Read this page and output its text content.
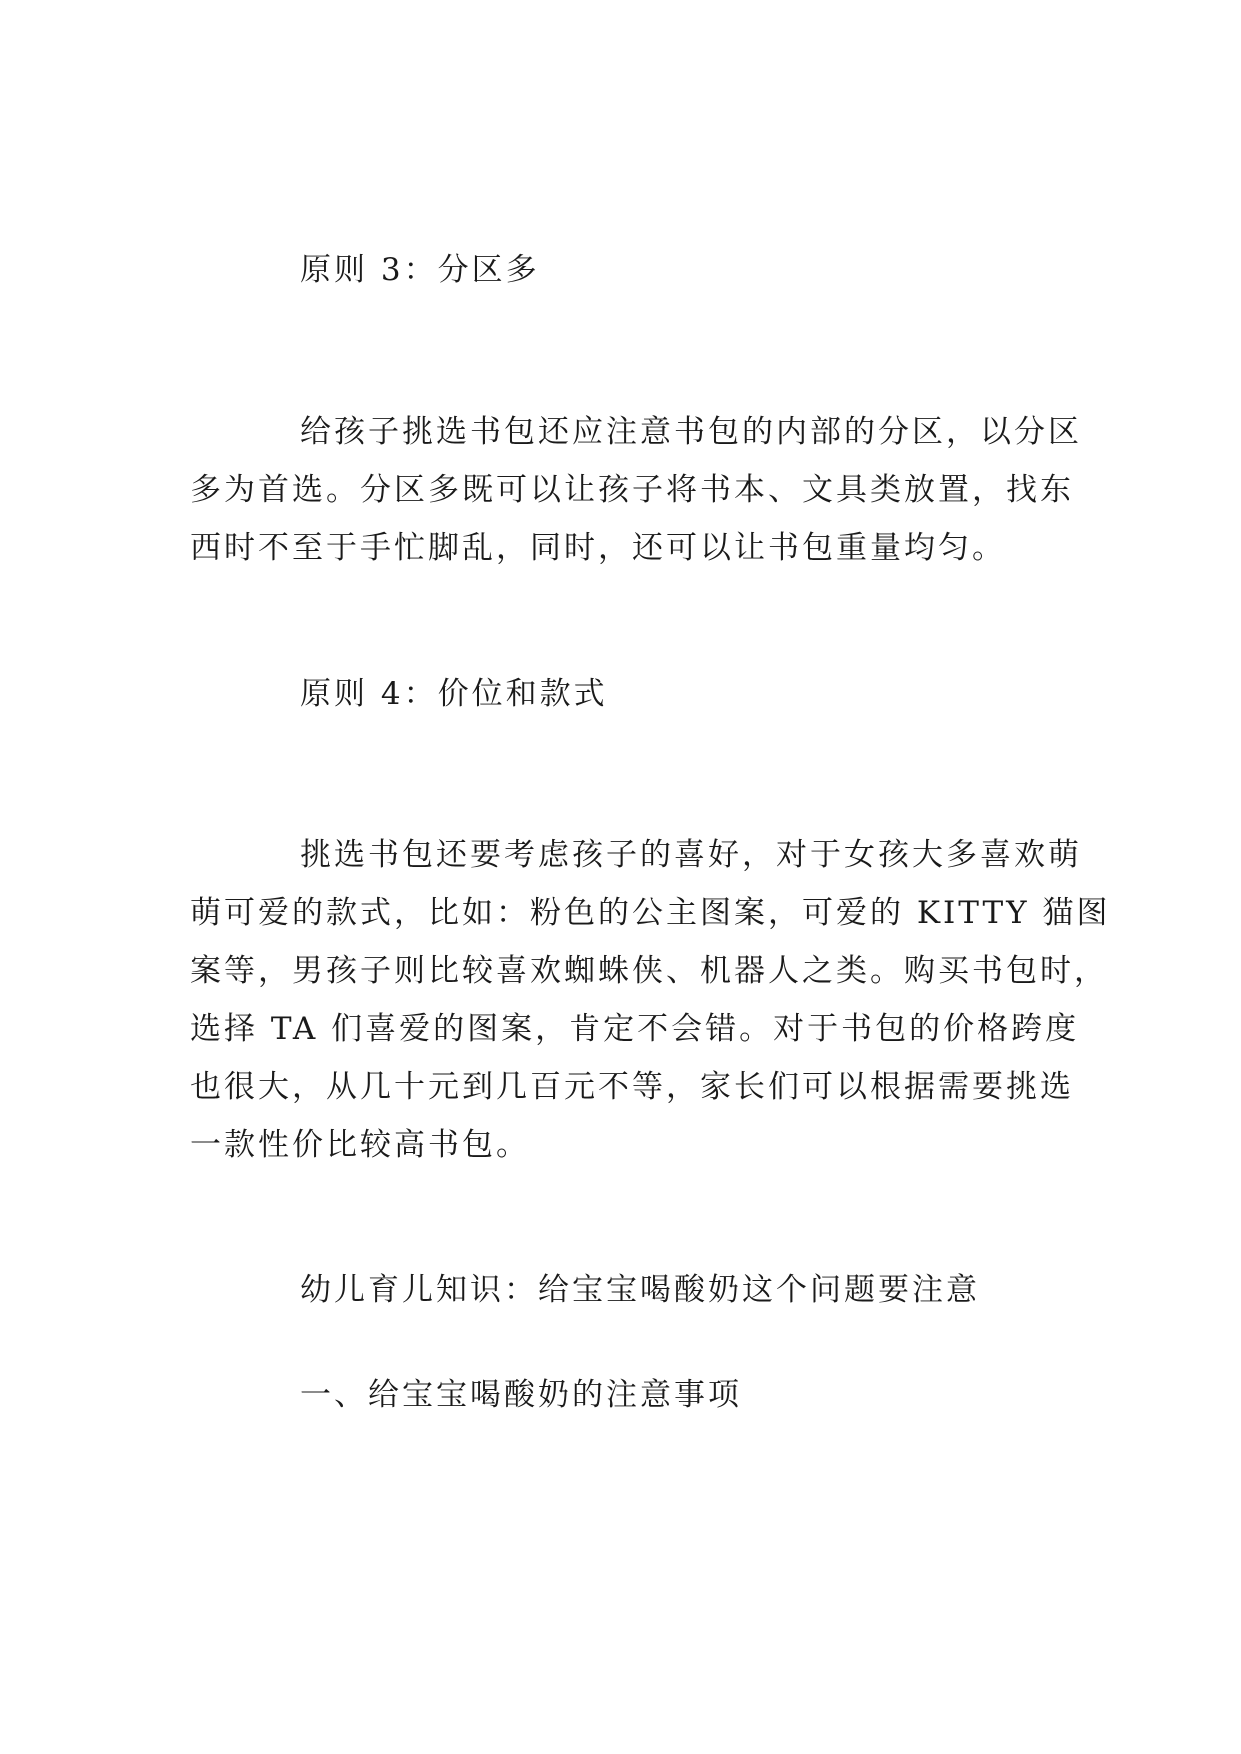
原则 3：分区多
给孩子挑选书包还应注意书包的内部的分区，以分区
多为首选。分区多既可以让孩子将书本、文具类放置，找东
西时不至于手忙脚乱，同时，还可以让书包重量均匀。
原则 4：价位和款式
挑选书包还要考虑孩子的喜好，对于女孩大多喜欢萌
萌可爱的款式，比如：粉色的公主图案，可爱的 KITTY 猫图
案等，男孩子则比较喜欢蜘蛛侠、机器人之类。购买书包时，
选择 TA 们喜爱的图案，肯定不会错。对于书包的价格跨度
也很大，从几十元到几百元不等，家长们可以根据需要挑选
一款性价比较高书包。
幼儿育儿知识：给宝宝喝酸奶这个问题要注意
一、给宝宝喝酸奶的注意事项
